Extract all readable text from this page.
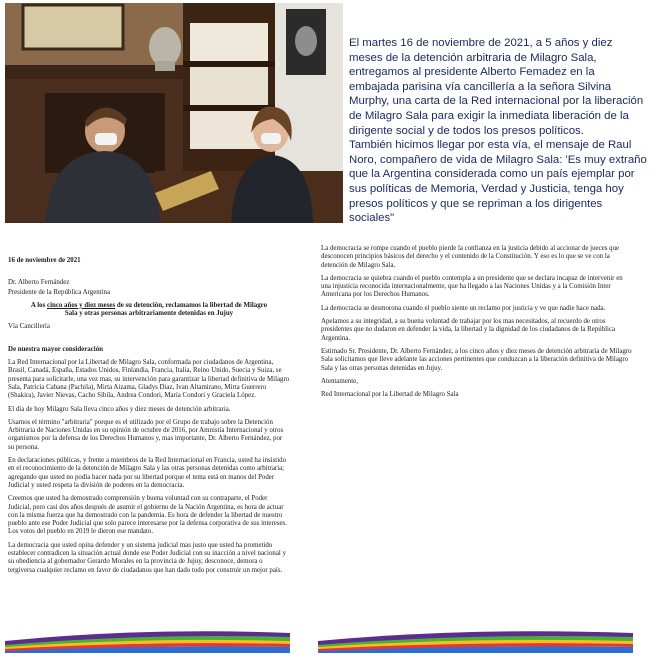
El martes 16 de noviembre de 2021, a 5 años y diez meses de la detención arbitraria de Milagro Sala, entregamos al presidente Alberto Femadez en la embajada parisina vía cancillería a la señora Silvina Murphy, una carta de la Red internacional por la liberación de Milagro Sala para exigir la inmediata liberación de la dirigente social y de todos los presos políticos.

También hicimos llegar por esta vía, el mensaje de Raul Noro, compañero de vida de Milagro Sala: 'Es muy extraño que la Argentina considerada como un país ejemplar por sus políticas de Memoria, Verdad y Justicia, tenga hoy presos políticos y que se repriman a los dirigentes sociales"

16 de noviembre de 2021

Dr. Alberto Fernández

Presidente de la República Argentina

A los cinco años y diez meses de su detención, reclamamos la libertad de Milagro Sala y otras personas arbitrariamente detenidas en Jujuy

Vía Cancillería

De nuestra mayor consideración

La Red Internacional por la Libertad de Milagro Sala, conformada por ciudadanos de Argentina, Brasil, Canadá, España, Estados Unidos, Finlandia, Francia, Italia, Reino Unido, Suecia y Suiza, se presenta para solicitarle, una vez mas, su intervención para garantizar la libertad definitiva de Milagro Sala, Patricia Cabana (Pachila), Mirta Aizama, Gladys Diaz, Ivan Altamirano, Mirta Guerrero (Shakira), Javier Nievas, Cacho Sibila, Andrea Condori, María Condori y Graciela López.

El día de hoy Milagro Sala lleva cinco años y diez meses de detención arbitraria.

Usamos el término "arbitraria" porque es el utilizado por el Grupo de trabajo sobre la Detención Arbitraria de Naciones Unidas en su opinión de octubre de 2016, por Amnistía Internacional y otros organismos por la defensa de los Derechos Humanos y, mas importante, Dr. Alberto Fernández, por su persona.

En declaraciones públicas, y frente a miembros de la Red Internacional en Francia, usted ha insistido en el reconocimiento de la detención de Milagro Sala y las otras personas detenidas como arbitraria; agregando que usted no podía hacer nada por su libertad porque el tema está en manos del Poder Judicial y usted respeta la división de poderes en la democracia.

Creemos que usted ha demostrado comprensión y buena voluntad con su contraparte, el Poder Judicial, pero casi dos años después de asumir el gobierno de la Nación Argentina, es hora de actuar con la misma fuerza que ha demostrado con la pandemia. Es hora de defender la libertad de nuestro pueblo ante ese Poder Judicial que solo parece interesarse por la defensa corporativa de sus intereses. Los votos del pueblo en 2019 le dieron ese mandato.

La democracia que usted opina defender y un sistema judicial mas justo que usted ha prometido establecer contradicen la situación actual donde ese Poder Judicial con su inacción a nivel nacional y su obediencia al gobernador Gerardo Morales en la provincia de Jujuy, desconoce, demora o tergiversa cualquier reclamo en favor de ciudadanos que han dado todo por construir un mejor país.

La democracia se rompe cuando el pueblo pierde la confianza en la justicia debido al accionar de jueces que desconocen principios básicos del derecho y el contenido de la Constitución. Y eso es lo que se ve con la detención de Milagro Sala.

La democracia se quiebra cuando el pueblo contempla a un presidente que se declara incapaz de intervenir en una injusticia reconocida internacionalmente, que ha llegado a las Naciones Unidas y a la Comisión Inter Americana por los Derechos Humanos.

La democracia se desmorona cuando el pueblo siente un reclamo por justicia y ve que nadie hace nada.

Apelamos a su integridad, a su buena voluntad de trabajar por los mas necesitados, al recuerdo de otros presidentes que no dudaron en defender la vida, la libertad y la dignidad de los ciudadanos de la República Argentina.

Estimado Sr. Presidente, Dr. Alberto Fernández, a los cinco años y diez meses de detención arbitraria de Milagro Sala solicitamos que lleve adelante las acciones pertinentes que conduzcan a la liberación definitiva de Milagro Sala y las otras personas detenidas en Jujuy.

Atentamente,

Red Internacional por la Libertad de Milagro Sala
